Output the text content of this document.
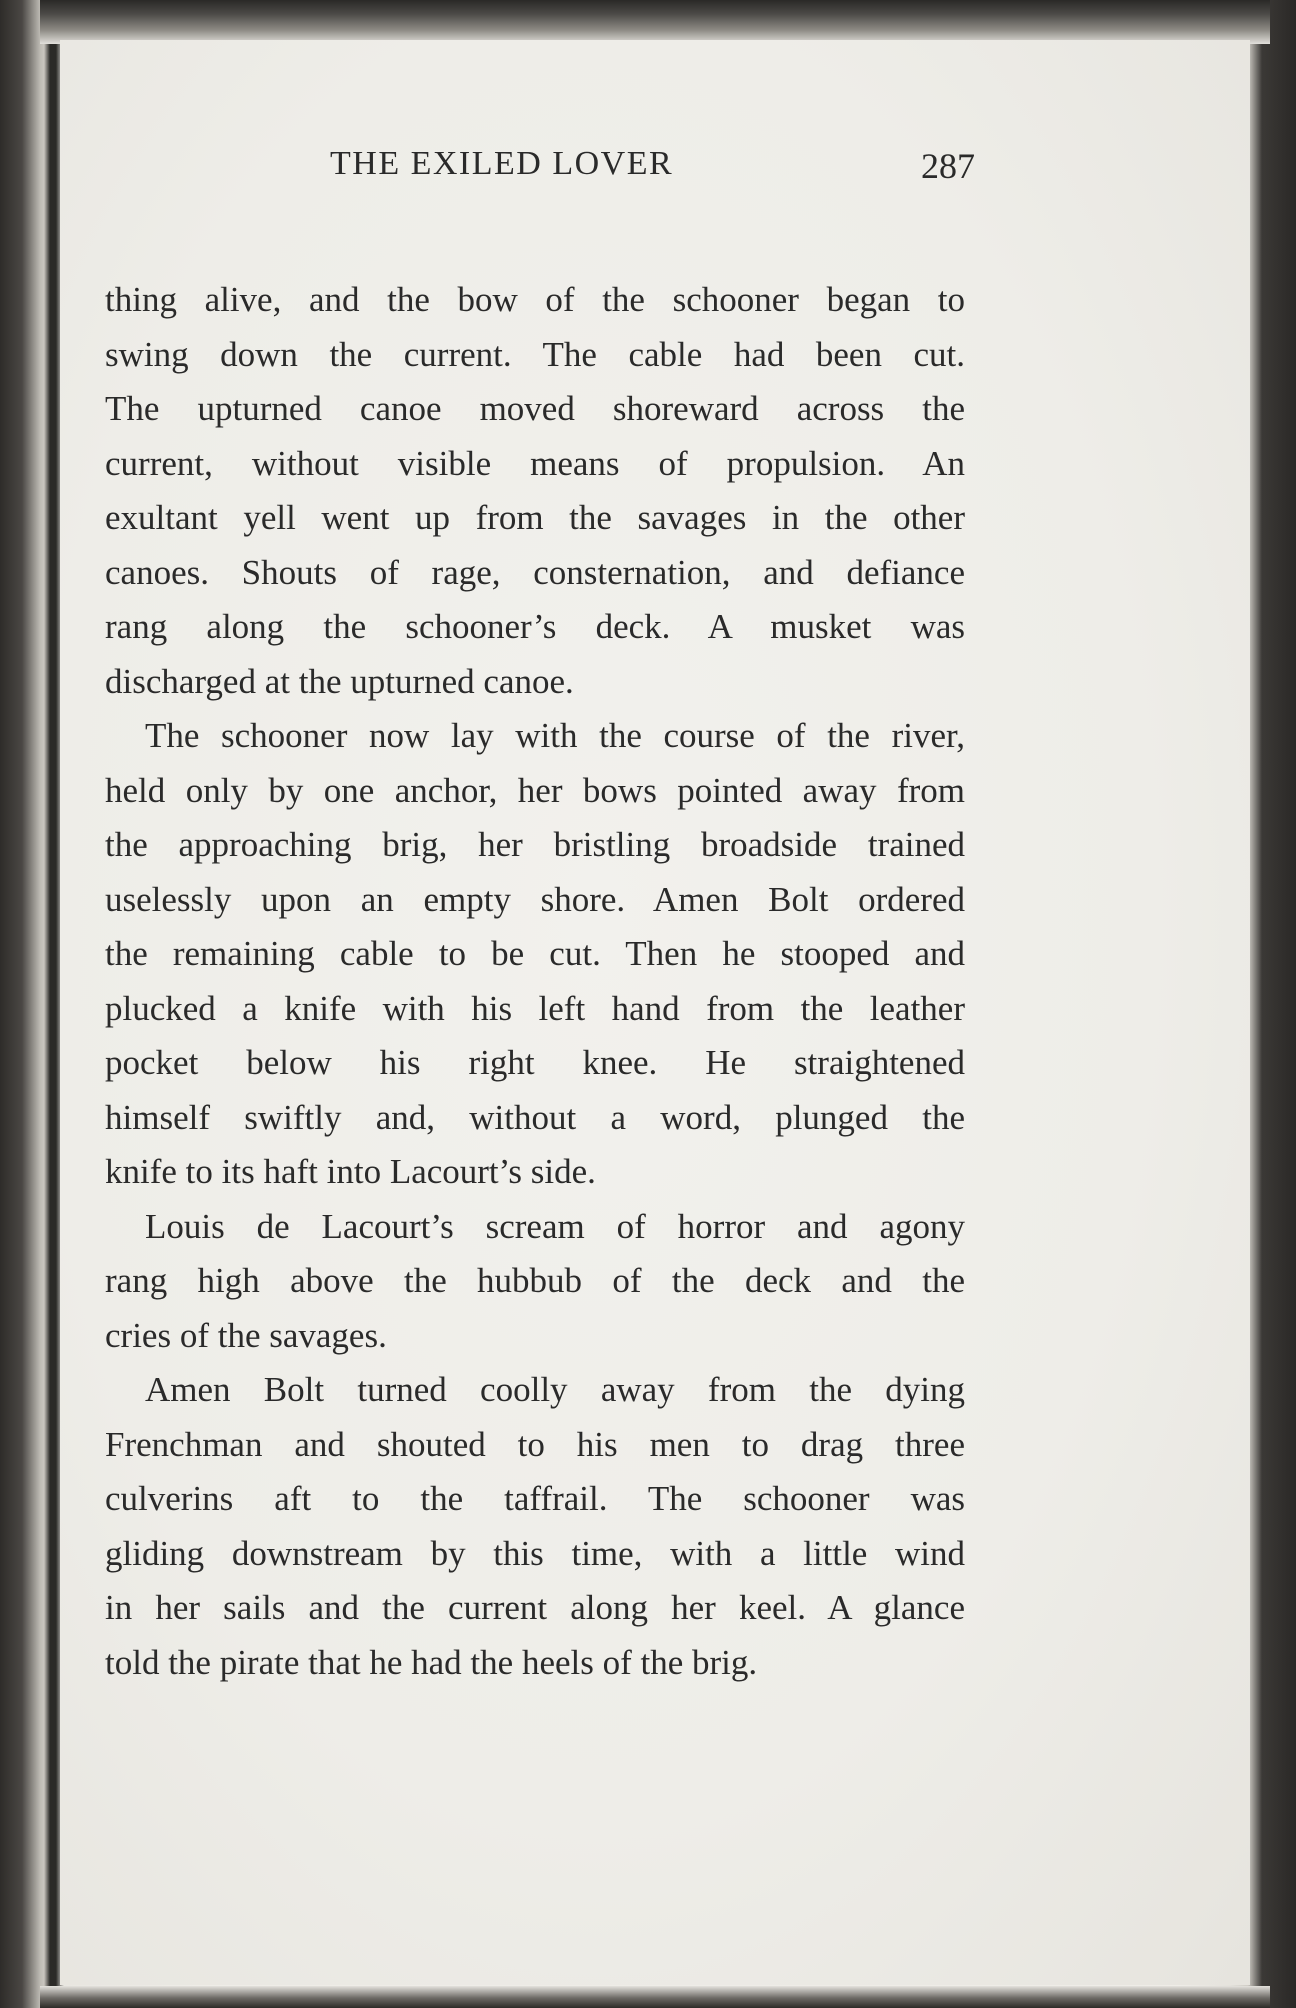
THE EXILED LOVER	287
thing alive, and the bow of the schooner began to
swing down the current. The cable had been cut.
The upturned canoe moved shoreward across the
current, without visible means of propulsion. An
exultant yell went up from the savages in the other
canoes. Shouts of rage, consternation, and defiance
rang along the schooner’s deck. A musket was
discharged at the upturned canoe.
The schooner now lay with the course of the river,
held only by one anchor, her bows pointed away from
the approaching brig, her bristling broadside trained
uselessly upon an empty shore. Amen Bolt ordered
the remaining cable to be cut. Then he stooped and
plucked a knife with his left hand from the leather
pocket below his right knee. He straightened
himself swiftly and, without a word, plunged the
knife to its haft into Lacourt’s side.
Louis de Lacourt’s scream of horror and agony
rang high above the hubbub of the deck and the
cries of the savages.
Amen Bolt turned coolly away from the dying
Frenchman and shouted to his men to drag three
culverins aft to the taffrail. The schooner was
gliding downstream by this time, with a little wind
in her sails and the current along her keel. A glance
told the pirate that he had the heels of the brig.
